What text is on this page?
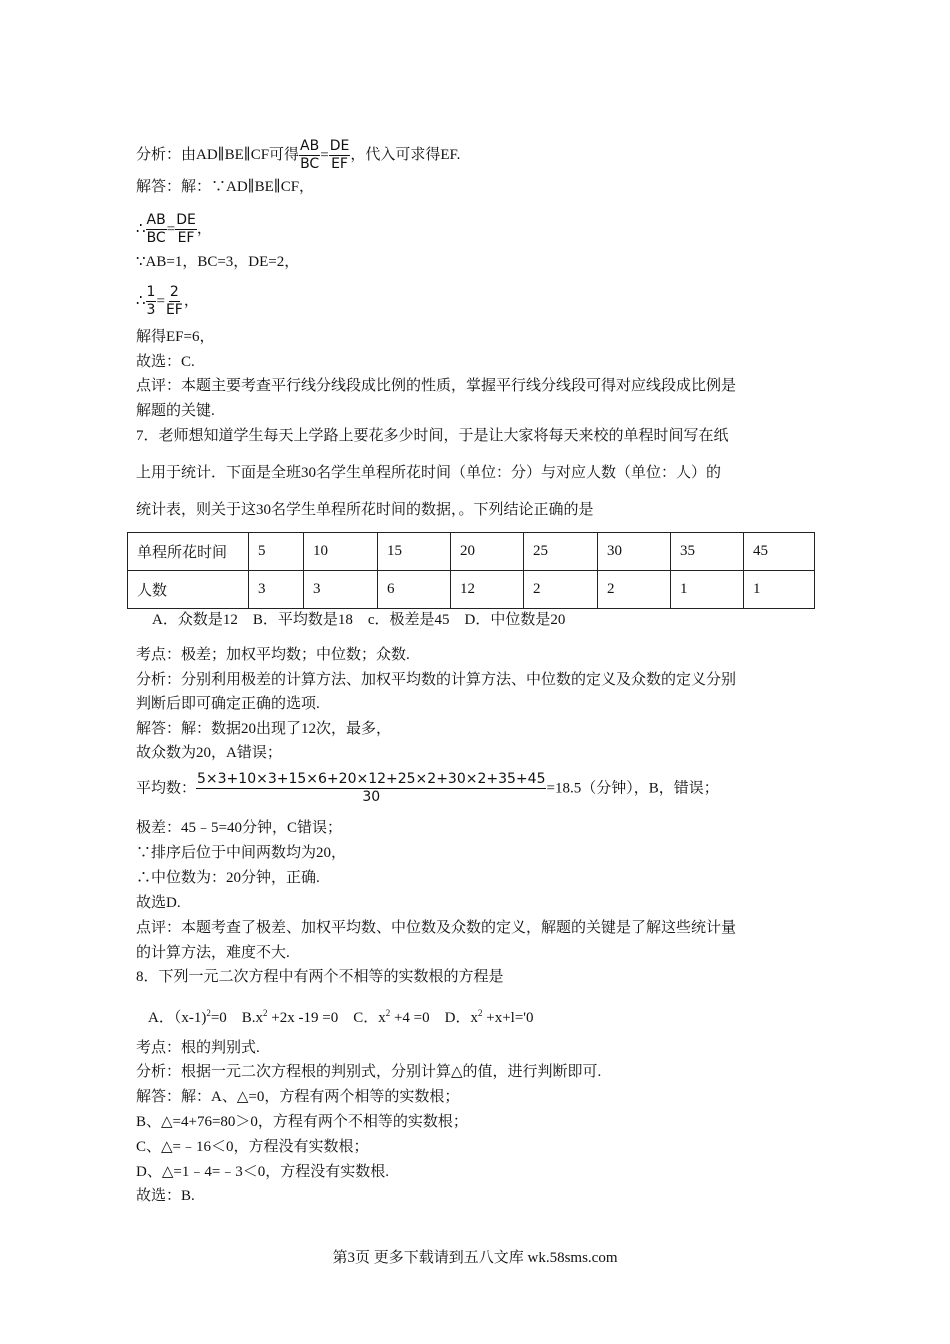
分析：由AD∥BE∥CF可得 $\frac{AB}{BC} = \frac{DE}{EF}$ ，代入可求得EF.
解答：解：∵AD∥BE∥CF，
∴ $\frac{AB}{BC} = \frac{DE}{EF}$ ，
∵AB=1，BC=3，DE=2，
∴ $\frac{1}{3} = \frac{2}{EF}$ ，
解得EF=6，
故选：C.
点评：本题主要考查平行线分线段成比例的性质，掌握平行线分线段可得对应线段成比例是
解题的关键.
7．老师想知道学生每天上学路上要花多少时间，于是让大家将每天来校的单程时间写在纸
上用于统计．下面是全班30名学生单程所花时间（单位：分）与对应人数（单位：人）的
统计表，则关于这30名学生单程所花时间的数据，。下列结论正确的是
单程所花时间	5	10	15	20	25	30	35	45
人数	3	3	6	12	2	2	1	1
A．众数是12　B．平均数是18　c．极差是45　D．中位数是20
考点：极差；加权平均数；中位数；众数.
分析：分别利用极差的计算方法、加权平均数的计算方法、中位数的定义及众数的定义分别
判断后即可确定正确的选项.
解答：解：数据20出现了12次，最多，
故众数为20，A错误；
平均数： $\frac{5\times 3+10\times 3+15\times 6+20\times 12+25\times 2+30\times 2+35+45}{30} =18.5$（分钟），B，错误；
极差：45﹣5=40分钟，C错误；
∵排序后位于中间两数均为20，
∴中位数为：20分钟，正确.
故选D.
点评：本题考查了极差、加权平均数、中位数及众数的定义，解题的关键是了解这些统计量
的计算方法，难度不大.
8．下列一元二次方程中有两个不相等的实数根的方程是
A．（x-1)$^2$=0　$B.x^2 +2x$ -19 =0　C．$x^2 +4 =0$　D．$x^2 +x+l='0$
考点：根的判别式.
分析：根据一元二次方程根的判别式，分别计算△的值，进行判断即可.
解答：解：A、△=0，方程有两个相等的实数根；
B、△=4+76=80＞0，方程有两个不相等的实数根；
C、△=﹣16＜0，方程没有实数根；
D、△=1﹣4=﹣3＜0，方程没有实数根.
故选：B.
第3页 更多下载请到五八文库 wk.58sms.com
